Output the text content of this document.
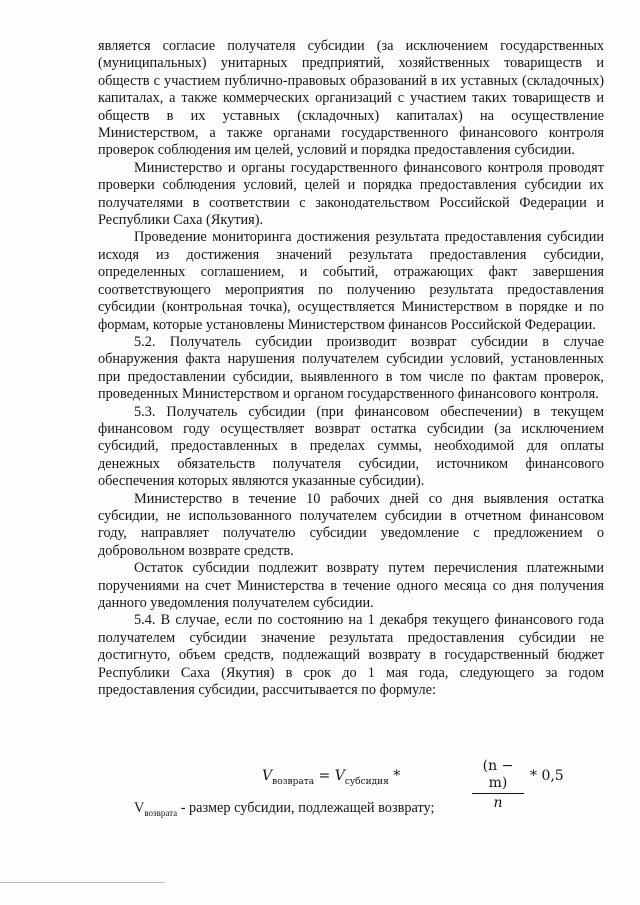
является согласие получателя субсидии (за исключением государственных (муниципальных) унитарных предприятий, хозяйственных товариществ и обществ с участием публично-правовых образований в их уставных (складочных) капиталах, а также коммерческих организаций с участием таких товариществ и обществ в их уставных (складочных) капиталах) на осуществление Министерством, а также органами государственного финансового контроля проверок соблюдения им целей, условий и порядка предоставления субсидии.

Министерство и органы государственного финансового контроля проводят проверки соблюдения условий, целей и порядка предоставления субсидии их получателями в соответствии с законодательством Российской Федерации и Республики Саха (Якутия).

Проведение мониторинга достижения результата предоставления субсидии исходя из достижения значений результата предоставления субсидии, определенных соглашением, и событий, отражающих факт завершения соответствующего мероприятия по получению результата предоставления субсидии (контрольная точка), осуществляется Министерством в порядке и по формам, которые установлены Министерством финансов Российской Федерации.

5.2. Получатель субсидии производит возврат субсидии в случае обнаружения факта нарушения получателем субсидии условий, установленных при предоставлении субсидии, выявленного в том числе по фактам проверок, проведенных Министерством и органом государственного финансового контроля.

5.3. Получатель субсидии (при финансовом обеспечении) в текущем финансовом году осуществляет возврат остатка субсидии (за исключением субсидий, предоставленных в пределах суммы, необходимой для оплаты денежных обязательств получателя субсидии, источником финансового обеспечения которых являются указанные субсидии).

Министерство в течение 10 рабочих дней со дня выявления остатка субсидии, не использованного получателем субсидии в отчетном финансовом году, направляет получателю субсидии уведомление с предложением о добровольном возврате средств.

Остаток субсидии подлежит возврату путем перечисления платежными поручениями на счет Министерства в течение одного месяца со дня получения данного уведомления получателем субсидии.

5.4. В случае, если по состоянию на 1 декабря текущего финансового года получателем субсидии значение результата предоставления субсидии не достигнуто, объем средств, подлежащий возврату в государственный бюджет Республики Саха (Якутия) в срок до 1 мая года, следующего за годом предоставления субсидии, рассчитывается по формуле:

$V_{возврата} = V_{субсидия}$ *
(n − m)
n
* 0,5
$V_{возврата}$ - размер субсидии, подлежащей возврату;
